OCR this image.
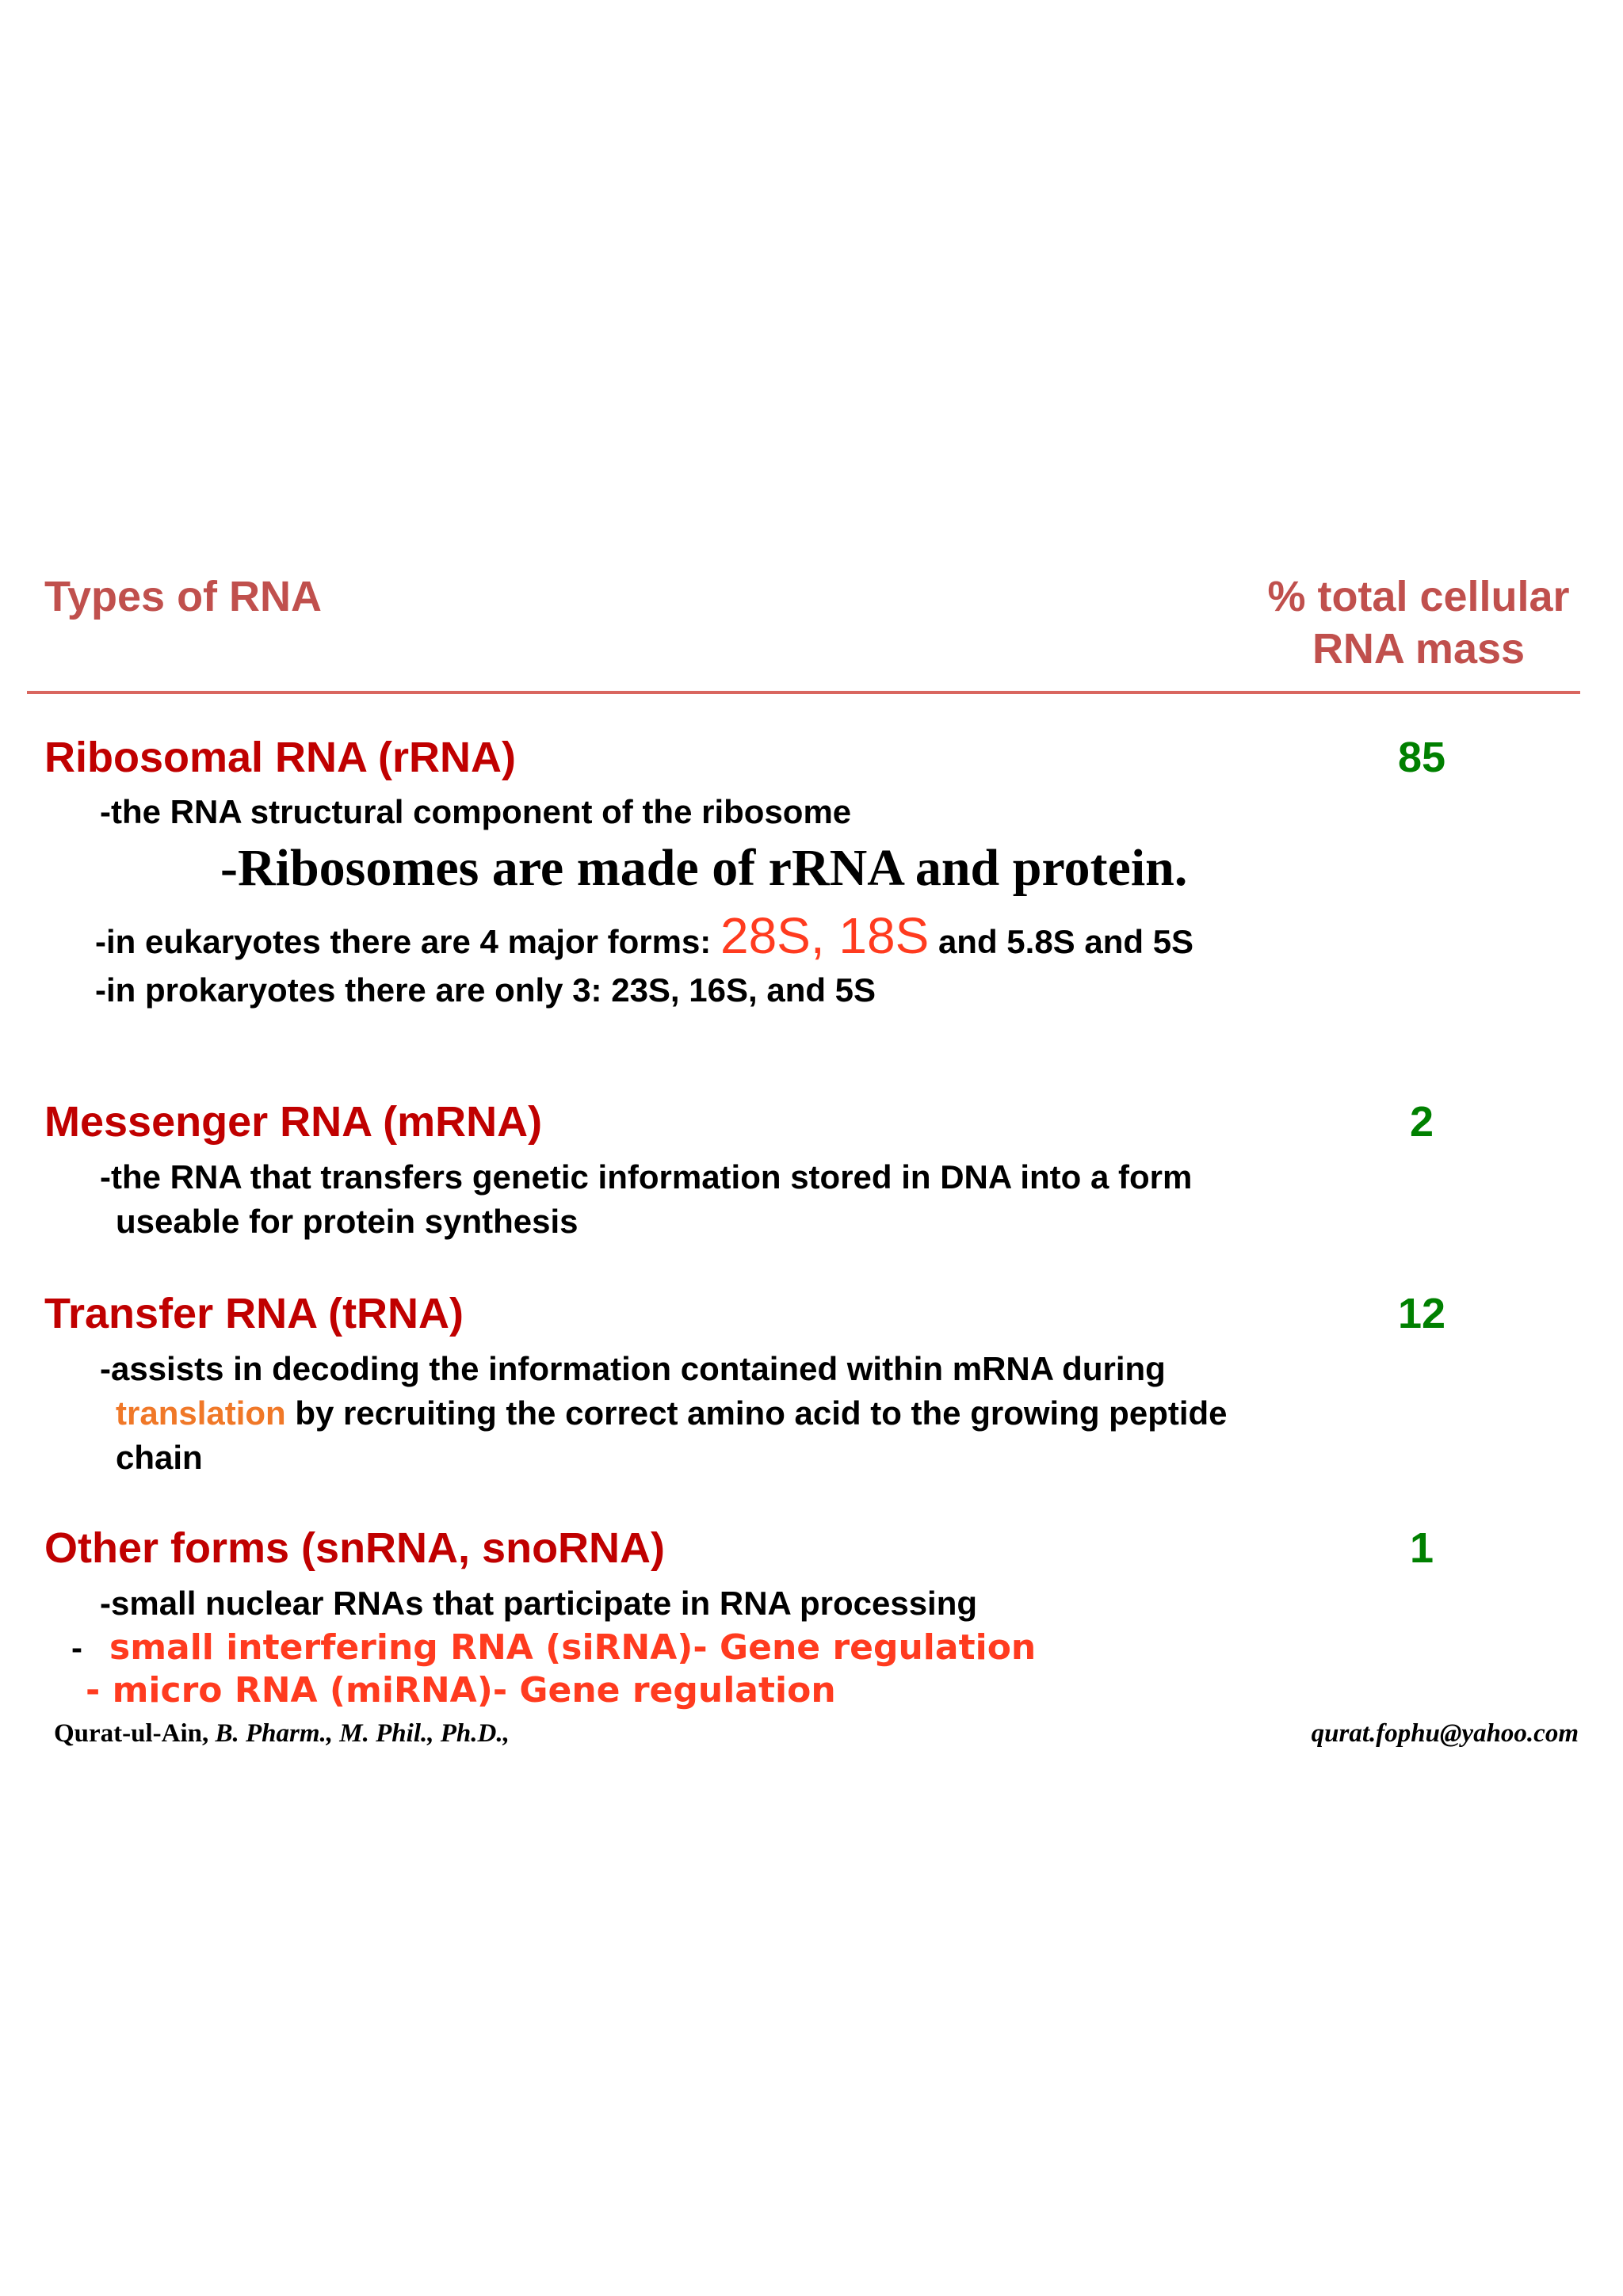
Types of RNA	% total cellular
RNA mass
Ribosomal RNA (rRNA)	85
-the RNA structural component of the ribosome
-Ribosomes are made of rRNA and protein.
-in eukaryotes there are 4 major forms: 28S, 18S and 5.8S and 5S
-in prokaryotes there are only 3: 23S, 16S, and 5S
Messenger RNA (mRNA)	2
-the RNA that transfers genetic information stored in DNA into a form
useable for protein synthesis
Transfer RNA (tRNA)	12
-assists in decoding the information contained within mRNA during
translation by recruiting the correct amino acid to the growing peptide
chain
Other forms (snRNA, snoRNA)	1
-small nuclear RNAs that participate in RNA processing
- small interfering RNA (siRNA)- Gene regulation
- micro RNA (miRNA)- Gene regulation
Qurat-ul-Ain, B. Pharm., M. Phil., Ph.D.,	qurat.fophu@yahoo.com
